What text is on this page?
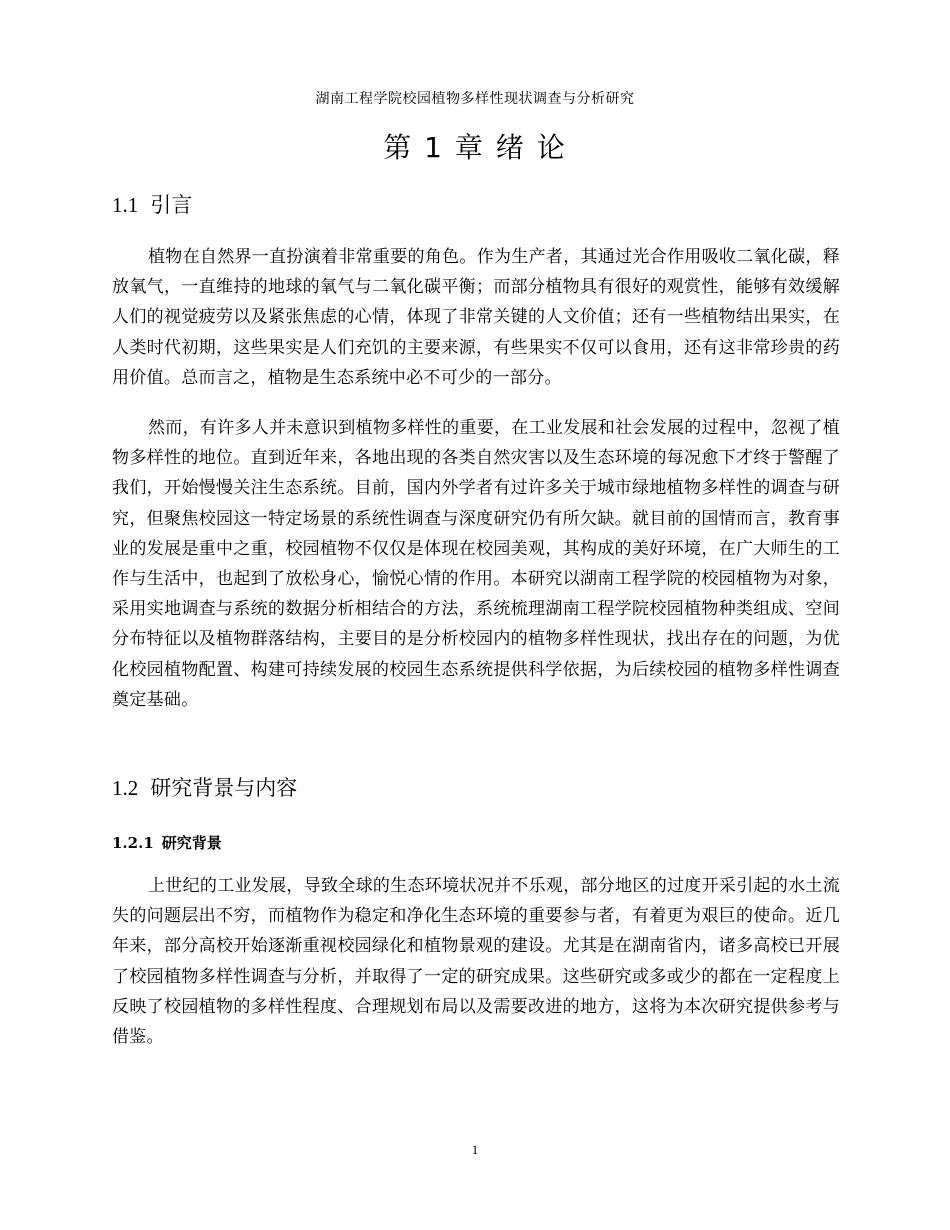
湖南工程学院校园植物多样性现状调查与分析研究
第 1 章 绪 论
1.1 引言

植物在自然界一直扮演着非常重要的角色。作为生产者，其通过光合作用吸收二氧化碳，释放氧气，一直维持的地球的氧气与二氧化碳平衡；而部分植物具有很好的观赏性，能够有效缓解人们的视觉疲劳以及紧张焦虑的心情，体现了非常关键的人文价值；还有一些植物结出果实，在人类时代初期，这些果实是人们充饥的主要来源，有些果实不仅可以食用，还有这非常珍贵的药用价值。总而言之，植物是生态系统中必不可少的一部分。

然而，有许多人并未意识到植物多样性的重要，在工业发展和社会发展的过程中，忽视了植物多样性的地位。直到近年来，各地出现的各类自然灾害以及生态环境的每况愈下才终于警醒了我们，开始慢慢关注生态系统。目前，国内外学者有过许多关于城市绿地植物多样性的调查与研究，但聚焦校园这一特定场景的系统性调查与深度研究仍有所欠缺。就目前的国情而言，教育事业的发展是重中之重，校园植物不仅仅是体现在校园美观，其构成的美好环境，在广大师生的工作与生活中，也起到了放松身心，愉悦心情的作用。本研究以湖南工程学院的校园植物为对象，采用实地调查与系统的数据分析相结合的方法，系统梳理湖南工程学院校园植物种类组成、空间分布特征以及植物群落结构，主要目的是分析校园内的植物多样性现状，找出存在的问题，为优化校园植物配置、构建可持续发展的校园生态系统提供科学依据，为后续校园的植物多样性调查奠定基础。

1.2 研究背景与内容
1.2.1 研究背景

上世纪的工业发展，导致全球的生态环境状况并不乐观，部分地区的过度开采引起的水土流失的问题层出不穷，而植物作为稳定和净化生态环境的重要参与者，有着更为艰巨的使命。近几年来，部分高校开始逐渐重视校园绿化和植物景观的建设。尤其是在湖南省内，诸多高校已开展了校园植物多样性调查与分析，并取得了一定的研究成果。这些研究或多或少的都在一定程度上反映了校园植物的多样性程度、合理规划布局以及需要改进的地方，这将为本次研究提供参考与借鉴。

1
